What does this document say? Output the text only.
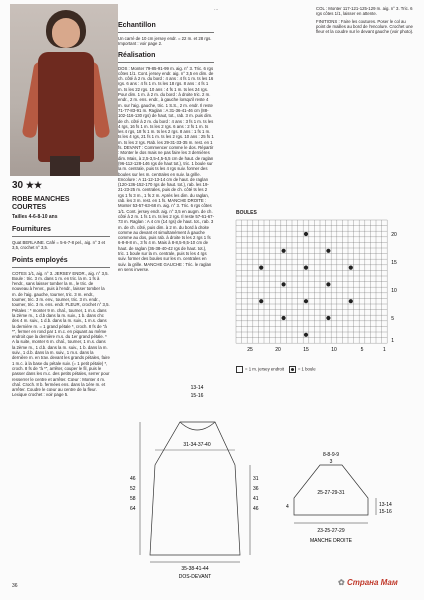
30 ★★
ROBE MANCHES
COURTES
Tailles 4-6-8-10 ans
Fournitures

Quat BERLAINE. Café = 5-6-7-8 pel., aig. n° 3 et 3,5, crochet n° 3,5.

Points employés

COTES 1/1, aig. n° 3. JERSEY ENDR., aig. n° 3,5. Boule : tric. 3 m. dans 1 m. en tric. la m. 1 fs à l'endr., sans laisser tomber la m., le tric. de nouveau à l'envr., puis à l'endr., laisser tomber la m. de l'aig. gauche, tourner, tric. 3 m. endr., tourner, tric. 3 m. env., tourner, tric. 3 m. endr., tourner, tric. 3 m. ens. endr. FLEUR, crochet n° 3,5. Pétales : * monter 9 m. chaî., tourner, 1 m.s. dans la 2ème m., 1 d.b dans la m. suiv., 1 b. dans chc des 4 m. suiv., 1 d.b. dans la m. suiv., 1 m.s. dans la dernière m. = 1 grand pétale *, croch. 8 fs de "à *", fermer en rond par 1 m.c. en piquant au même endroit que la dernière m.s. du 1er grand pétale. * A la suite, monter 6 m. chaî., tourner, 1 m.s. dans la 2ème m., 1 d.b. dans la m. suiv., 1 b. dans la m. suiv., 1 d.b. dans la m. suiv., 1 m.s. dans la dernière m. en trav. devant les grands pétales, faire 1 m.c. à la base du pétale suiv. (= 1 petit pétale) *, croch. 8 fs de "à *", arrêter, couper le fil, puis le passer dans les m.c. des petits pétales, serrer pour resserrer le centre et arrêter. Cœur : Monter 4 m. chaî. Croch. 8 b. fermées ens. dans la 1ère m. et arrêter. Coudre le cœur au centre de la fleur. Lexique crochet : voir page 5.

Echantillon

Un carré de 10 cm jersey endr. = 22 m. et 28 rgs. Important : voir page 2.

Réalisation

DOS : Monter 79-85-91-99 m. aig. n° 3. Tric. 6 rgs côtes 1/1. Cont. jersey endr. aig. n° 3,5 en dim. de ch. côté à 2 m. du bord : 4 ans : 4 fs 1 m. ts les 16 rgs. 6 ans : 4 fs 1 m. ts les 18 rgs. 8 ans : 4 fs 1 m. ts les 22 rgs. 10 ans : 4 fs 1 m. ts les 24 rgs. Pour dim. 1 m. à 2 m. du bord : à droite tric. 2 m. endr., 2 m. ens. endr., à gauche lorsqu'il reste 4 m. sur l'aig. gauche, tric. 1 S.S., 2 m. endr. Il reste 71-77-83-91 m. Raglan : A 31-36-41-46 cm (88-102-116-130 rgs) de haut, tot., rab. 3 m. puis dim. de ch. côté à 2 m. du bord : 4 ans : 3 fs 1 m. ts les 4 rgs, 16 fs 1 m. ts les 2 rgs. 6 ans : 2 fs 1 m. ts les 4 rgs, 18 fs 1 m. ts les 2 rgs. 8 ans : 1 fs 1 m. ts les 4 rgs, 21 fs 1 m. ts les 2 rgs. 10 ans : 25 fs 1 m. ts les 2 rgs. Rab. les 29-31-33-35 m. rest. en 1 fs. DEVANT : Commencer comme le dos. Répartir : Monter le dos mais ne pas faire les 3 dernières dim. Mais, à 2,5-3,5-4,5-5,5 cm de haut. de raglan (96-112-128-146 rgs de haut tot.), tric. 1 boule sur la m. centrale, puis ts les 4 rgs suiv. former des boules sur les m. centrales en suiv. la grille. Encolure : A 11-12-13-14 cm de haut. de raglan (120-136-152-170 rgs de haut. tot.), rab. les 19-21-23-25 m. centrales, puis de ch. côté ts les 2 rgs 1 fs 3 m., 1 fs 2 m. Après les dim. du raglan, rab. les 3 m. rest. en 1 fs. MANCHE DROITE : Monter 53-57-63-68 m. aig. n° 3. Tric. 6 rgs côtes 1/1. Cont. jersey endr. aig. n° 3,5 en augm. de ch. côté à 2 m. 1 fs 1 m. ts les 2 rgs. Il reste 57-61-67-73 m. Raglan : A 4 cm (14 rgs) de haut. tot., rab. 3 m. de ch. côté, puis dim. à 2 m. du bord à droite comme au devant et simultanément à gauche comme au dos, puis rab. à droite ts les 2 rgs 1 fs 6-8-8-8 m., 3 fs 4 m. Mais à 8-8,5-9,5-10 cm de haut. de raglan (36-38-40-42 rgs de haut. tot.), tric. 1 boule sur la m. centrale, puis ts les 4 rgs suiv. former des boules sur les m. centrales en suiv. la grille. MANCHE GAUCHE : Tric. le raglan en sens inverse.

…	COL : Monter 117-121-125-129 m. aig. n° 3. Tric. 6 rgs côtes 1/1, laisser en attente.

FINITIONS : Faire les coutures. Poser le col au point de mailles au bord de l'encolure. Crochet une fleur et la coudre sur le devant gauche (voir photo).

BOULES
25	20	15	10	5	1
20
15
10
5
1
= 1 m. jersey endroit	= 1 boule
13-14
15-16
31-34-37-40
46
52
58
64
31
36
41
46
35-38-41-44
DOS-DEVANT
8-8-9-9
3
25-27-29-31
13-14
15-16
4
23-25-27-29
MANCHE DROITE
36	✿ Страна Мам
